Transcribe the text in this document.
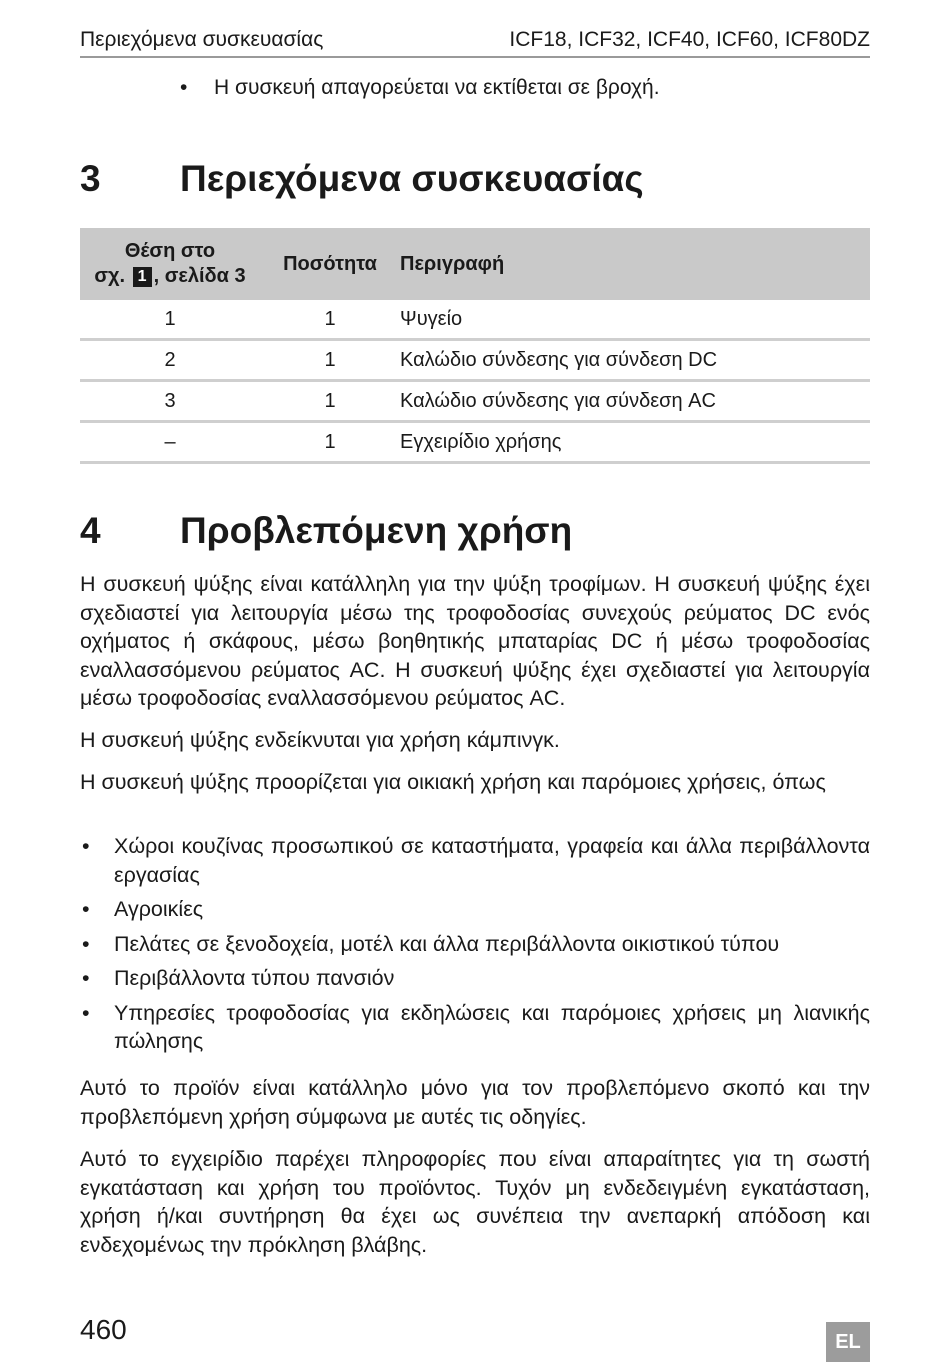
Περιεχόμενα συσκευασίας	ICF18, ICF32, ICF40, ICF60, ICF80DZ
• Η συσκευή απαγορεύεται να εκτίθεται σε βροχή.
3 Περιεχόμενα συσκευασίας
Θέση στο
σχ. 1 , σελίδα 3	Ποσότητα	Περιγραφή
1	1	Ψυγείο
2	1	Καλώδιο σύνδεσης για σύνδεση DC
3	1	Καλώδιο σύνδεσης για σύνδεση AC
–	1	Εγχειρίδιο χρήσης
4 Προβλεπόμενη χρήση

Η συσκευή ψύξης είναι κατάλληλη για την ψύξη τροφίμων. Η συσκευή ψύξης έχει σχεδιαστεί για λειτουργία μέσω της τροφοδοσίας συνεχούς ρεύματος DC ενός οχήματος ή σκάφους, μέσω βοηθητικής μπαταρίας DC ή μέσω τροφοδοσίας εναλλασσόμενου ρεύματος AC. Η συσκευή ψύξης έχει σχεδιαστεί για λειτουργία μέσω τροφοδοσίας εναλλασσόμενου ρεύματος AC.

Η συσκευή ψύξης ενδείκνυται για χρήση κάμπινγκ.

Η συσκευή ψύξης προορίζεται για οικιακή χρήση και παρόμοιες χρήσεις, όπως

• Χώροι κουζίνας προσωπικού σε καταστήματα, γραφεία και άλλα περιβάλλοντα εργασίας
• Αγροικίες
• Πελάτες σε ξενοδοχεία, μοτέλ και άλλα περιβάλλοντα οικιστικού τύπου
• Περιβάλλοντα τύπου πανσιόν
• Υπηρεσίες τροφοδοσίας για εκδηλώσεις και παρόμοιες χρήσεις μη λιανικής πώλησης

Αυτό το προϊόν είναι κατάλληλο μόνο για τον προβλεπόμενο σκοπό και την προβλεπόμενη χρήση σύμφωνα με αυτές τις οδηγίες.

Αυτό το εγχειρίδιο παρέχει πληροφορίες που είναι απαραίτητες για τη σωστή εγκατάσταση και χρήση του προϊόντος. Τυχόν μη ενδεδειγμένη εγκατάσταση, χρήση ή/και συντήρηση θα έχει ως συνέπεια την ανεπαρκή απόδοση και ενδεχομένως την πρόκληση βλάβης.

460	EL
